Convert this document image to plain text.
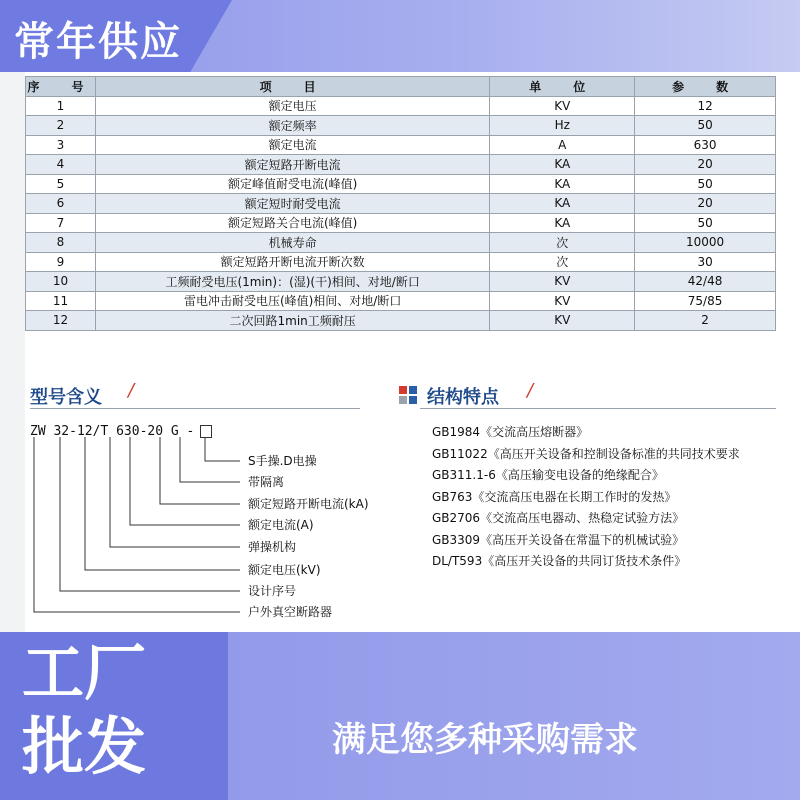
常年供应
序　号	项　目	单　位	参　数
1	额定电压	KV	12
2	额定频率	Hz	50
3	额定电流	A	630
4	额定短路开断电流	KA	20
5	额定峰值耐受电流(峰值)	KA	50
6	额定短时耐受电流	KA	20
7	额定短路关合电流(峰值)	KA	50
8	机械寿命	次	10000
9	额定短路开断电流开断次数	次	30
10	工频耐受电压(1min)：(湿)(干)相间、对地/断口	KV	42/48
11	雷电冲击耐受电压(峰值)相间、对地/断口	KV	75/85
12	二次回路1min工频耐压	KV	2
型号含义 /
ZW 32-12/T 630-20 G -
S手操.D电操
带隔离
额定短路开断电流(kA)
额定电流(A)
弹操机构
额定电压(kV)
设计序号
户外真空断路器
结构特点 /
GB1984《交流高压熔断器》
GB11022《高压开关设备和控制设备标准的共同技术要求
GB311.1-6《高压输变电设备的绝缘配合》
GB763《交流高压电器在长期工作时的发热》
GB2706《交流高压电器动、热稳定试验方法》
GB3309《高压开关设备在常温下的机械试验》
DL/T593《高压开关设备的共同订货技术条件》
工厂
批发	满足您多种采购需求
